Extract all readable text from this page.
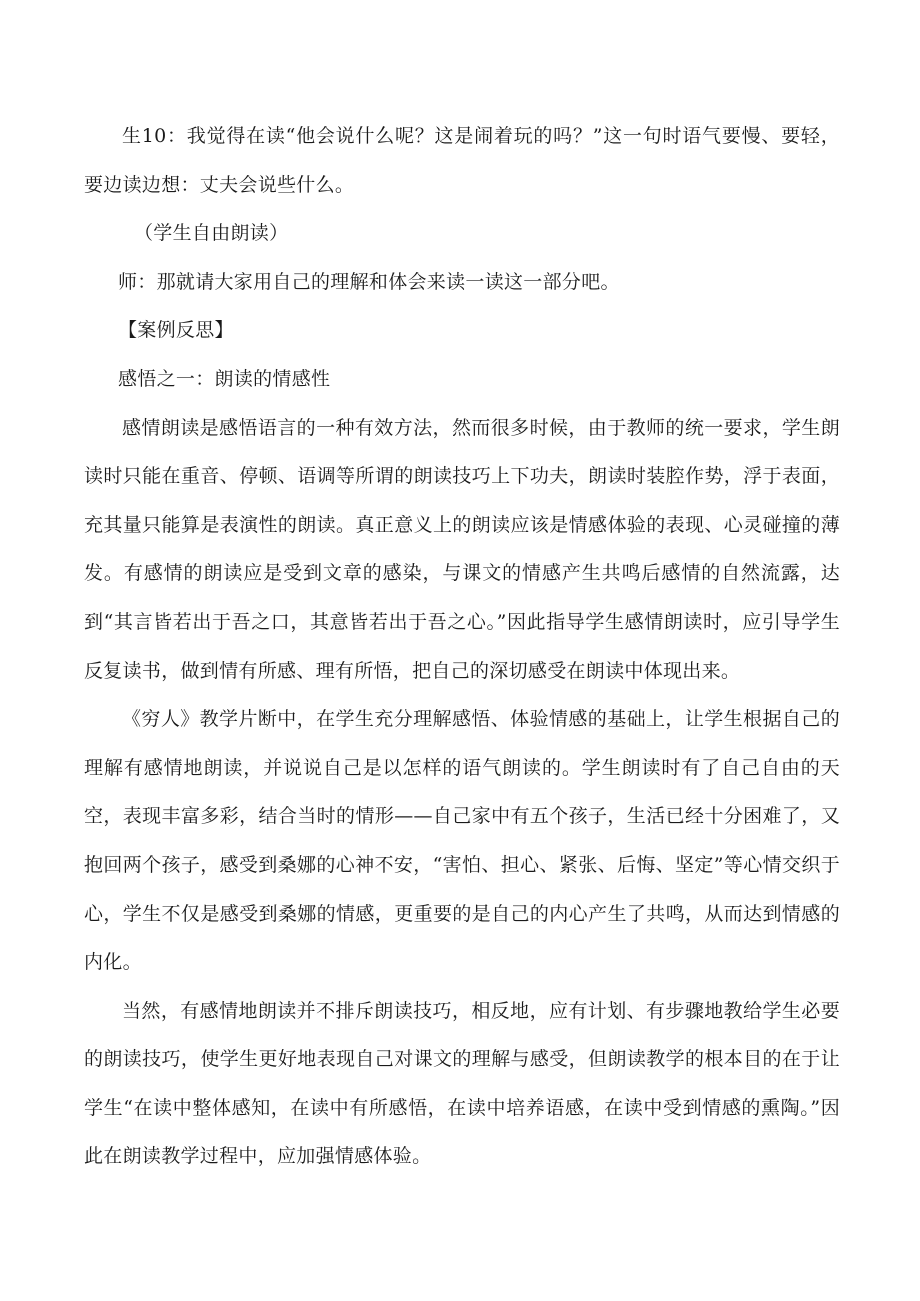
生10：我觉得在读“他会说什么呢？这是闹着玩的吗？”这一句时语气要慢、要轻，要边读边想：丈夫会说些什么。

（学生自由朗读）

师：那就请大家用自己的理解和体会来读一读这一部分吧。

【案例反思】

感悟之一：朗读的情感性

感情朗读是感悟语言的一种有效方法，然而很多时候，由于教师的统一要求，学生朗读时只能在重音、停顿、语调等所谓的朗读技巧上下功夫，朗读时装腔作势，浮于表面，充其量只能算是表演性的朗读。真正意义上的朗读应该是情感体验的表现、心灵碰撞的薄发。有感情的朗读应是受到文章的感染，与课文的情感产生共鸣后感情的自然流露，达到“其言皆若出于吾之口，其意皆若出于吾之心。”因此指导学生感情朗读时，应引导学生反复读书，做到情有所感、理有所悟，把自己的深切感受在朗读中体现出来。

《穷人》教学片断中，在学生充分理解感悟、体验情感的基础上，让学生根据自己的理解有感情地朗读，并说说自己是以怎样的语气朗读的。学生朗读时有了自己自由的天空，表现丰富多彩，结合当时的情形——自己家中有五个孩子，生活已经十分困难了，又抱回两个孩子，感受到桑娜的心神不安，“害怕、担心、紧张、后悔、坚定”等心情交织于心，学生不仅是感受到桑娜的情感，更重要的是自己的内心产生了共鸣，从而达到情感的内化。

当然，有感情地朗读并不排斥朗读技巧，相反地，应有计划、有步骤地教给学生必要的朗读技巧，使学生更好地表现自己对课文的理解与感受，但朗读教学的根本目的在于让学生“在读中整体感知，在读中有所感悟，在读中培养语感，在读中受到情感的熏陶。”因此在朗读教学过程中，应加强情感体验。
